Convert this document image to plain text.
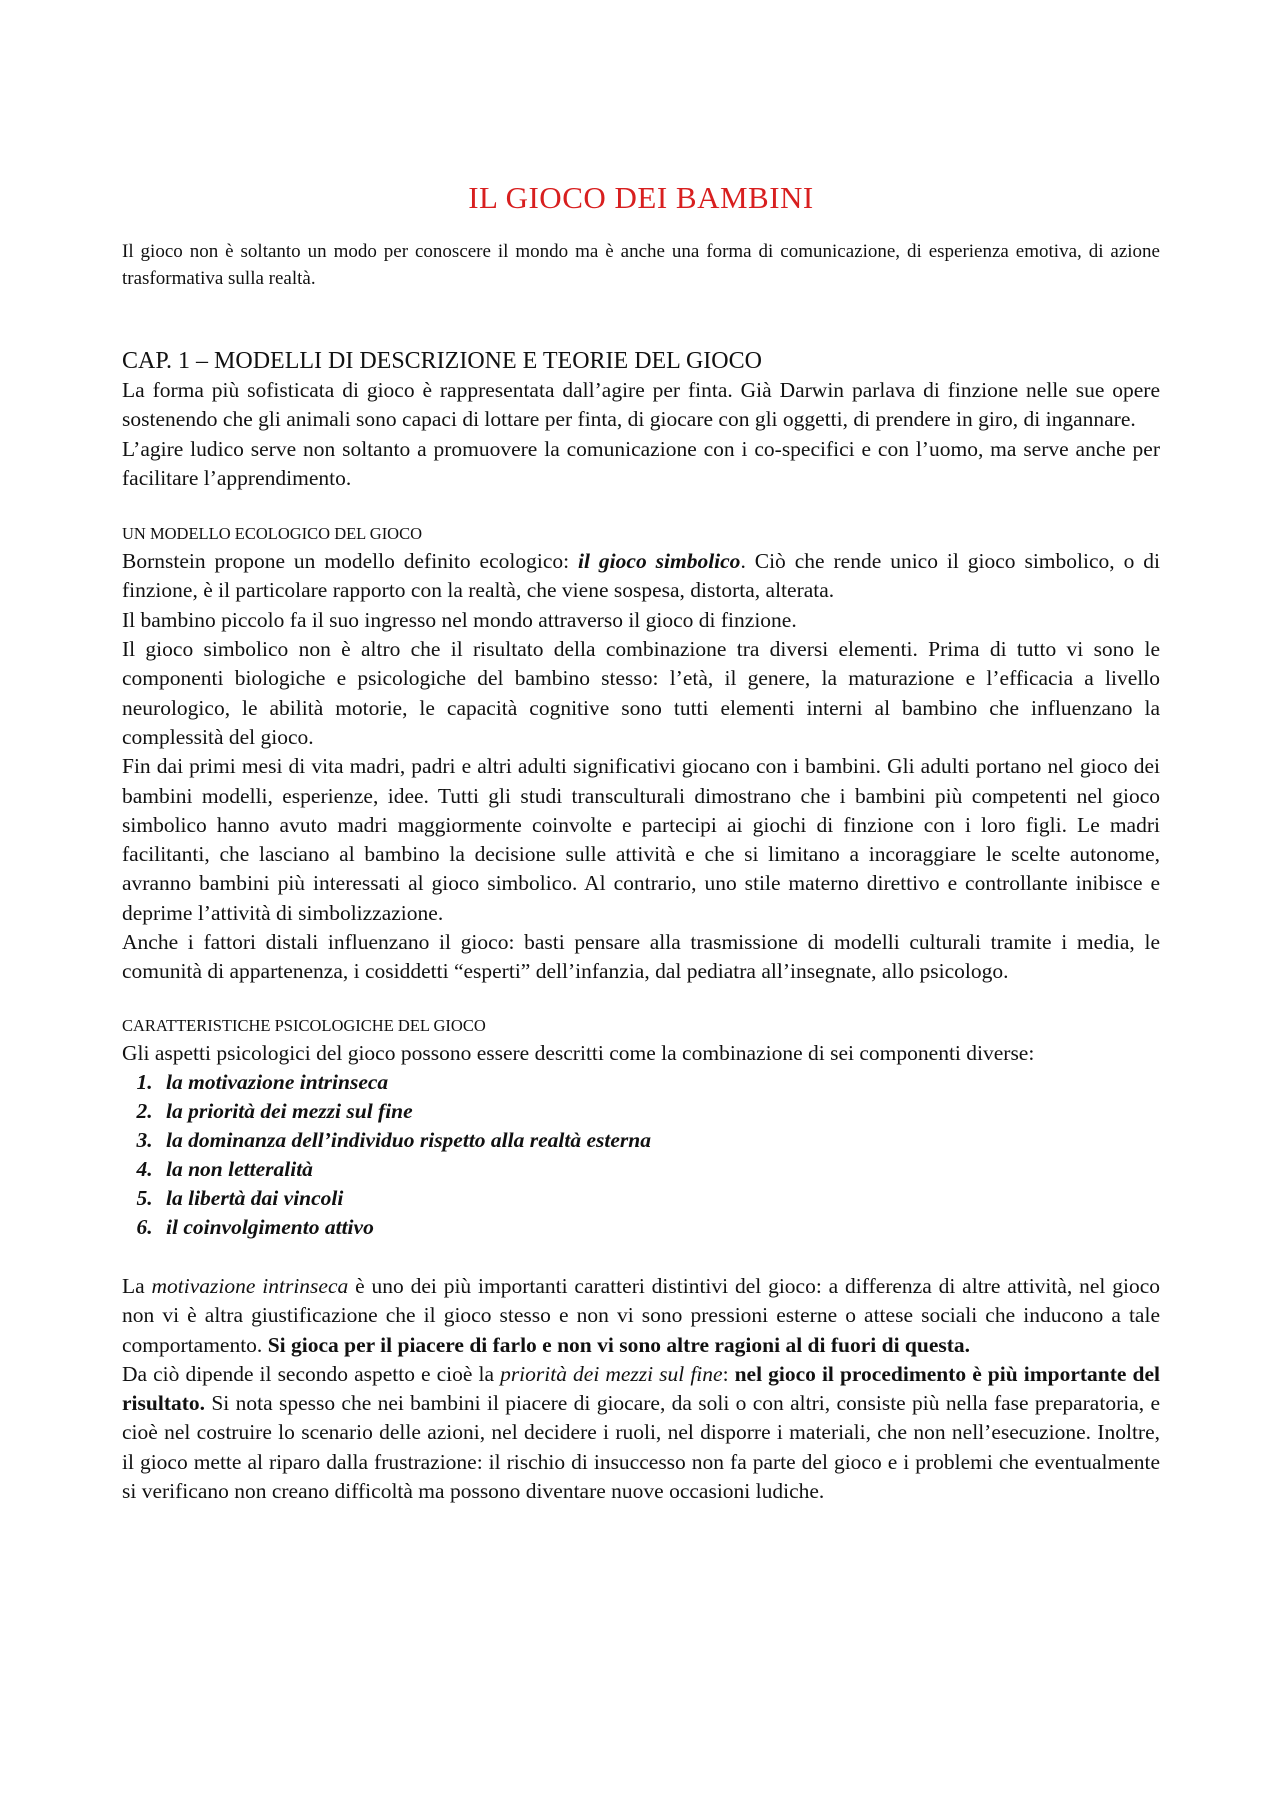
IL GIOCO DEI BAMBINI

Il gioco non è soltanto un modo per conoscere il mondo ma è anche una forma di comunicazione, di esperienza emotiva, di azione trasformativa sulla realtà.

CAP. 1 – MODELLI DI DESCRIZIONE E TEORIE DEL GIOCO

La forma più sofisticata di gioco è rappresentata dall’agire per finta. Già Darwin parlava di finzione nelle sue opere sostenendo che gli animali sono capaci di lottare per finta, di giocare con gli oggetti, di prendere in giro, di ingannare.

L’agire ludico serve non soltanto a promuovere la comunicazione con i co-specifici e con l’uomo, ma serve anche per facilitare l’apprendimento.

UN MODELLO ECOLOGICO DEL GIOCO

Bornstein propone un modello definito ecologico: il gioco simbolico. Ciò che rende unico il gioco simbolico, o di finzione, è il particolare rapporto con la realtà, che viene sospesa, distorta, alterata.

Il bambino piccolo fa il suo ingresso nel mondo attraverso il gioco di finzione.

Il gioco simbolico non è altro che il risultato della combinazione tra diversi elementi. Prima di tutto vi sono le componenti biologiche e psicologiche del bambino stesso: l’età, il genere, la maturazione e l’efficacia a livello neurologico, le abilità motorie, le capacità cognitive sono tutti elementi interni al bambino che influenzano la complessità del gioco.

Fin dai primi mesi di vita madri, padri e altri adulti significativi giocano con i bambini. Gli adulti portano nel gioco dei bambini modelli, esperienze, idee. Tutti gli studi transculturali dimostrano che i bambini più competenti nel gioco simbolico hanno avuto madri maggiormente coinvolte e partecipi ai giochi di finzione con i loro figli. Le madri facilitanti, che lasciano al bambino la decisione sulle attività e che si limitano a incoraggiare le scelte autonome, avranno bambini più interessati al gioco simbolico. Al contrario, uno stile materno direttivo e controllante inibisce e deprime l’attività di simbolizzazione.

Anche i fattori distali influenzano il gioco: basti pensare alla trasmissione di modelli culturali tramite i media, le comunità di appartenenza, i cosiddetti “esperti” dell’infanzia, dal pediatra all’insegnate, allo psicologo.

CARATTERISTICHE PSICOLOGICHE DEL GIOCO

Gli aspetti psicologici del gioco possono essere descritti come la combinazione di sei componenti diverse:

1. la motivazione intrinseca
2. la priorità dei mezzi sul fine
3. la dominanza dell’individuo rispetto alla realtà esterna
4. la non letteralità
5. la libertà dai vincoli
6. il coinvolgimento attivo

La motivazione intrinseca è uno dei più importanti caratteri distintivi del gioco: a differenza di altre attività, nel gioco non vi è altra giustificazione che il gioco stesso e non vi sono pressioni esterne o attese sociali che inducono a tale comportamento. Si gioca per il piacere di farlo e non vi sono altre ragioni al di fuori di questa.

Da ciò dipende il secondo aspetto e cioè la priorità dei mezzi sul fine: nel gioco il procedimento è più importante del risultato. Si nota spesso che nei bambini il piacere di giocare, da soli o con altri, consiste più nella fase preparatoria, e cioè nel costruire lo scenario delle azioni, nel decidere i ruoli, nel disporre i materiali, che non nell’esecuzione. Inoltre, il gioco mette al riparo dalla frustrazione: il rischio di insuccesso non fa parte del gioco e i problemi che eventualmente si verificano non creano difficoltà ma possono diventare nuove occasioni ludiche.
